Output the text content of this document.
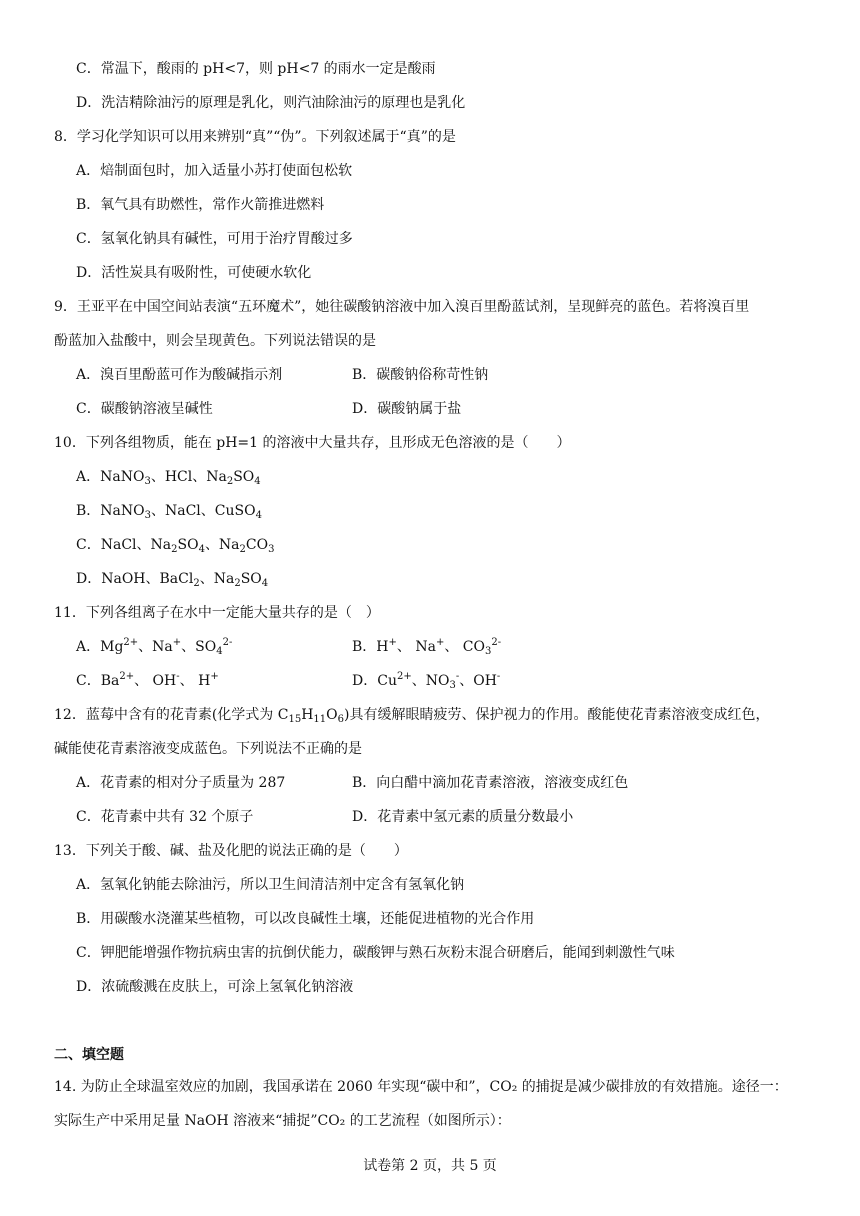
C．常温下，酸雨的 pH<7，则 pH<7 的雨水一定是酸雨
D．洗洁精除油污的原理是乳化，则汽油除油污的原理也是乳化
8．学习化学知识可以用来辨别“真”“伪”。下列叙述属于“真”的是
A．焙制面包时，加入适量小苏打使面包松软
B．氧气具有助燃性，常作火箭推进燃料
C．氢氧化钠具有碱性，可用于治疗胃酸过多
D．活性炭具有吸附性，可使硬水软化
9．王亚平在中国空间站表演“五环魔术”，她往碳酸钠溶液中加入溴百里酚蓝试剂，呈现鲜亮的蓝色。若将溴百里
酚蓝加入盐酸中，则会呈现黄色。下列说法错误的是
A．溴百里酚蓝可作为酸碱指示剂	B．碳酸钠俗称苛性钠
C．碳酸钠溶液呈碱性	D．碳酸钠属于盐
10．下列各组物质，能在 pH=1 的溶液中大量共存，且形成无色溶液的是（　　）
A．NaNO$_3$、HCl、$Na_2SO_4$
B．NaNO$_3$、NaCl、CuSO$_4$
C．NaCl、$Na_2SO_4$、$Na_2CO_3$
D．NaOH、BaCl$_2$、$Na_2SO_4$
11．下列各组离子在水中一定能大量共存的是（　）
A．$Mg^{2+}$、Na+、$SO_4^{2-}$	B．H+、 Na+、 $CO_3^{2-}$
C．$Ba^{2+}$、 OH-、 H+	D．$Cu^{2+}$、$NO_3^-$、OH-
12．蓝莓中含有的花青素(化学式为 $C_{15}H_{11}O_6$)具有缓解眼睛疲劳、保护视力的作用。酸能使花青素溶液变成红色，
碱能使花青素溶液变成蓝色。下列说法不正确的是
A．花青素的相对分子质量为 287	B．向白醋中滴加花青素溶液，溶液变成红色
C．花青素中共有 32 个原子	D．花青素中氢元素的质量分数最小
13．下列关于酸、碱、盐及化肥的说法正确的是（　　）
A．氢氧化钠能去除油污，所以卫生间清洁剂中定含有氢氧化钠
B．用碳酸水浇灌某些植物，可以改良碱性土壤，还能促进植物的光合作用
C．钾肥能增强作物抗病虫害的抗倒伏能力，碳酸钾与熟石灰粉末混合研磨后，能闻到刺激性气味
D．浓硫酸溅在皮肤上，可涂上氢氧化钠溶液
二、填空题
14. 为防止全球温室效应的加剧，我国承诺在 2060 年实现“碳中和”，CO₂ 的捕捉是减少碳排放的有效措施。途径一：
实际生产中采用足量 NaOH 溶液来“捕捉”CO₂ 的工艺流程（如图所示）：
试卷第 2 页，共 5 页
